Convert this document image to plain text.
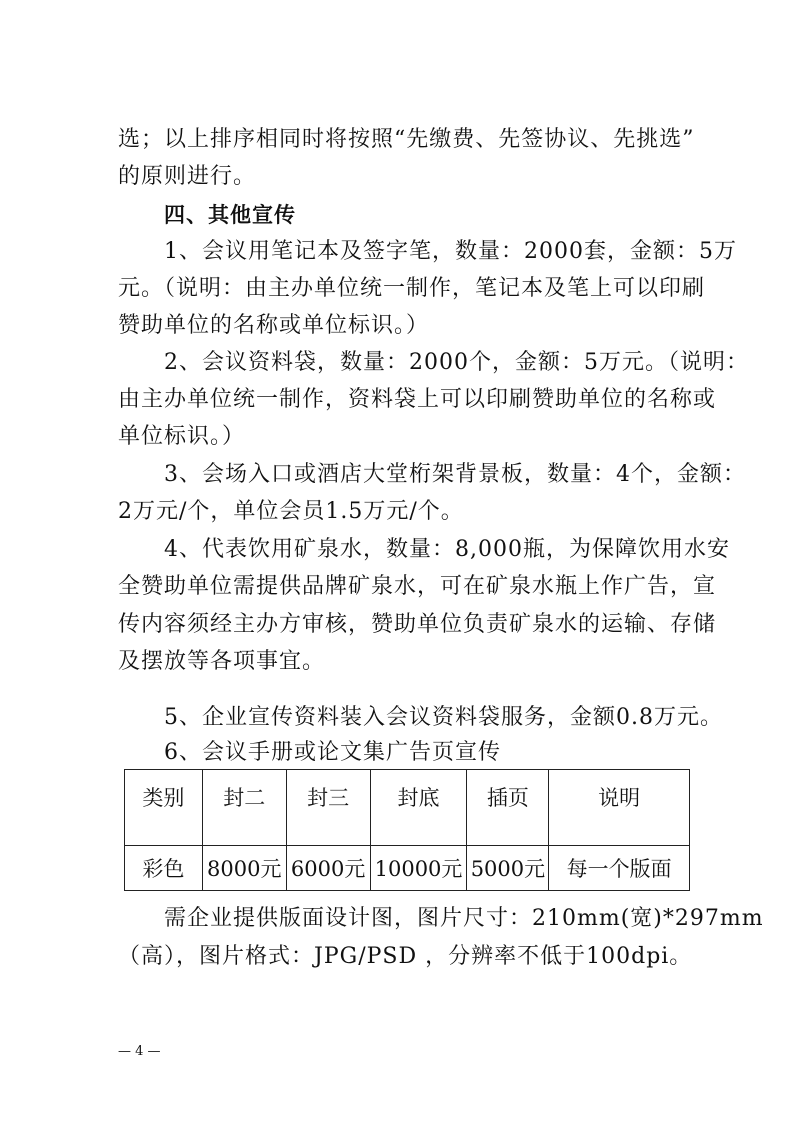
选；以上排序相同时将按照“先缴费、先签协议、先挑选”
的原则进行。
四、其他宣传
1、会议用笔记本及签字笔，数量：2000套，金额：5万
元。（说明：由主办单位统一制作，笔记本及笔上可以印刷
赞助单位的名称或单位标识。）
2、会议资料袋，数量：2000个，金额：5万元。（说明：
由主办单位统一制作，资料袋上可以印刷赞助单位的名称或
单位标识。）
3、会场入口或酒店大堂桁架背景板，数量：4个，金额：
2万元/个，单位会员1.5万元/个。
4、代表饮用矿泉水，数量：8,000瓶，为保障饮用水安
全赞助单位需提供品牌矿泉水，可在矿泉水瓶上作广告，宣
传内容须经主办方审核，赞助单位负责矿泉水的运输、存储
及摆放等各项事宜。
5、企业宣传资料装入会议资料袋服务，金额0.8万元。
6、会议手册或论文集广告页宣传
类别	封二	封三	封底	插页	说明
彩色	8000元	6000元	10000元	5000元	每一个版面
需企业提供版面设计图，图片尺寸：210mm(宽)*297mm
（高），图片格式：JPG/PSD ，分辨率不低于100dpi。
— 4 —
